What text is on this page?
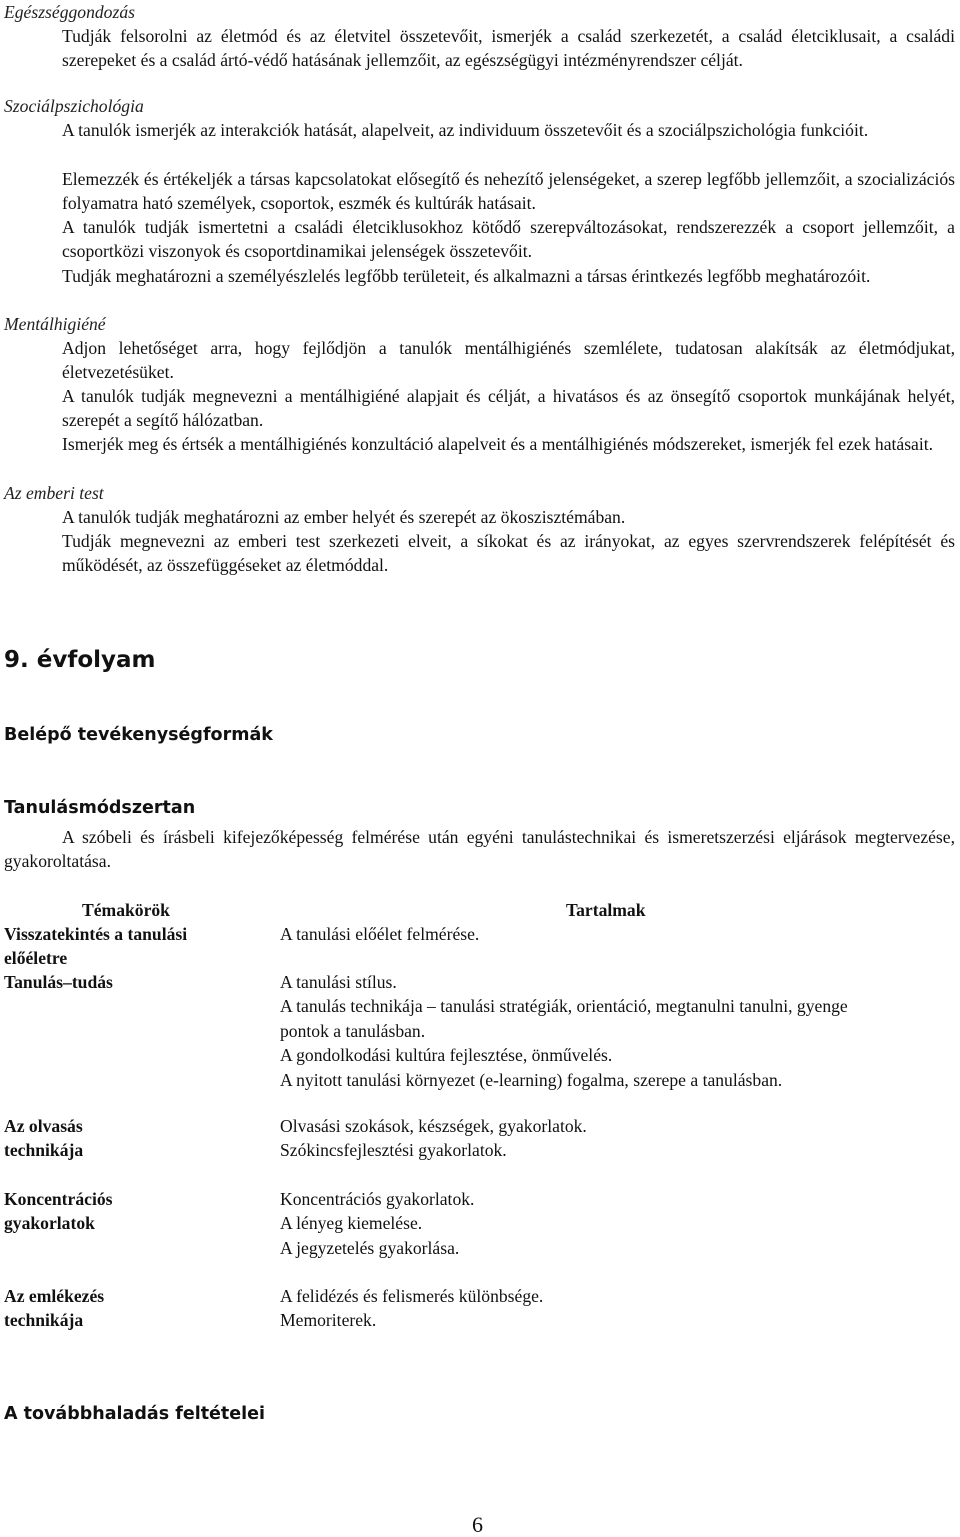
Egészséggondozás
Tudják felsorolni az életmód és az életvitel összetevőit, ismerjék a család szerkezetét, a család életciklusait, a családi szerepeket és a család ártó-védő hatásának jellemzőit, az egészségügyi intézményrendszer célját.
Szociálpszichológia
A tanulók ismerjék az interakciók hatását, alapelveit, az individuum összetevőit és a szociálpszichológia funkcióit.
Elemezzék és értékeljék a társas kapcsolatokat elősegítő és nehezítő jelenségeket, a szerep legfőbb jellemzőit, a szocializációs folyamatra ható személyek, csoportok, eszmék és kultúrák hatásait.
A tanulók tudják ismertetni a családi életciklusokhoz kötődő szerepváltozásokat, rendszerezzék a csoport jellemzőit, a csoportközi viszonyok és csoportdinamikai jelenségek összetevőit.
Tudják meghatározni a személyészlelés legfőbb területeit, és alkalmazni a társas érintkezés legfőbb meghatározóit.
Mentálhigiéné
Adjon lehetőséget arra, hogy fejlődjön a tanulók mentálhigiénés szemlélete, tudatosan alakítsák az életmódjukat, életvezetésüket.
A tanulók tudják megnevezni a mentálhigiéné alapjait és célját, a hivatásos és az önsegítő csoportok munkájának helyét, szerepét a segítő hálózatban.
Ismerjék meg és értsék a mentálhigiénés konzultáció alapelveit és a mentálhigiénés módszereket, ismerjék fel ezek hatásait.
Az emberi test
A tanulók tudják meghatározni az ember helyét és szerepét az ökoszisztémában.
Tudják megnevezni az emberi test szerkezeti elveit, a síkokat és az irányokat, az egyes szervrendszerek felépítését és működését, az összefüggéseket az életmóddal.
9. évfolyam
Belépő tevékenységformák
Tanulásmódszertan
A szóbeli és írásbeli kifejezőképesség felmérése után egyéni tanulástechnikai és ismeretszerzési eljárások megtervezése, gyakoroltatása.
Témakörök	Tartalmak
Visszatekintés a tanulási előéletre
A tanulási előélet felmérése.
Tanulás–tudás	A tanulási stílus.
A tanulás technikája – tanulási stratégiák, orientáció, megtanulni tanulni, gyenge pontok a tanulásban.
A gondolkodási kultúra fejlesztése, önművelés.
A nyitott tanulási környezet (e-learning) fogalma, szerepe a tanulásban.
Az olvasás technikája
Olvasási szokások, készségek, gyakorlatok.
Szókincsfejlesztési gyakorlatok.
Koncentrációs gyakorlatok
Koncentrációs gyakorlatok.
A lényeg kiemelése.
A jegyzetelés gyakorlása.
Az emlékezés technikája
A felidézés és felismerés különbsége.
Memoriterek.
A továbbhaladás feltételei
6
